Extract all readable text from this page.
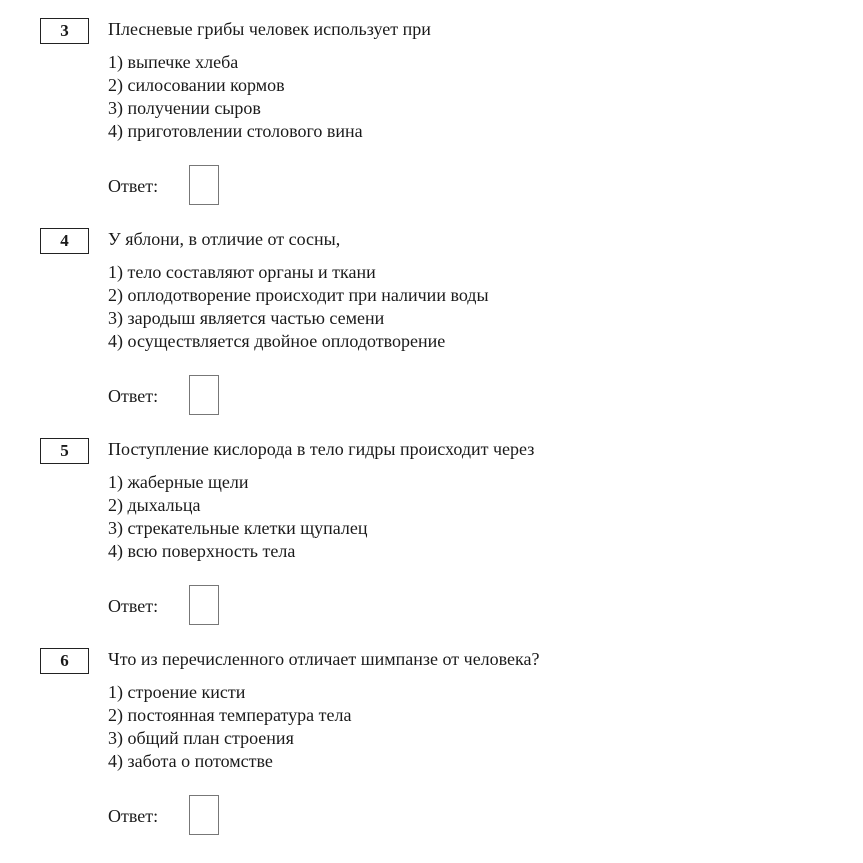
3	Плесневые грибы человек использует при
1) выпечке хлеба
2) силосовании кормов
3) получении сыров
4) приготовлении столового вина
Ответ:
4	У яблони, в отличие от сосны,
1) тело составляют органы и ткани
2) оплодотворение происходит при наличии воды
3) зародыш является частью семени
4) осуществляется двойное оплодотворение
Ответ:
5	Поступление кислорода в тело гидры происходит через
1) жаберные щели
2) дыхальца
3) стрекательные клетки щупалец
4) всю поверхность тела
Ответ:
6	Что из перечисленного отличает шимпанзе от человека?
1) строение кисти
2) постоянная температура тела
3) общий план строения
4) забота о потомстве
Ответ:
